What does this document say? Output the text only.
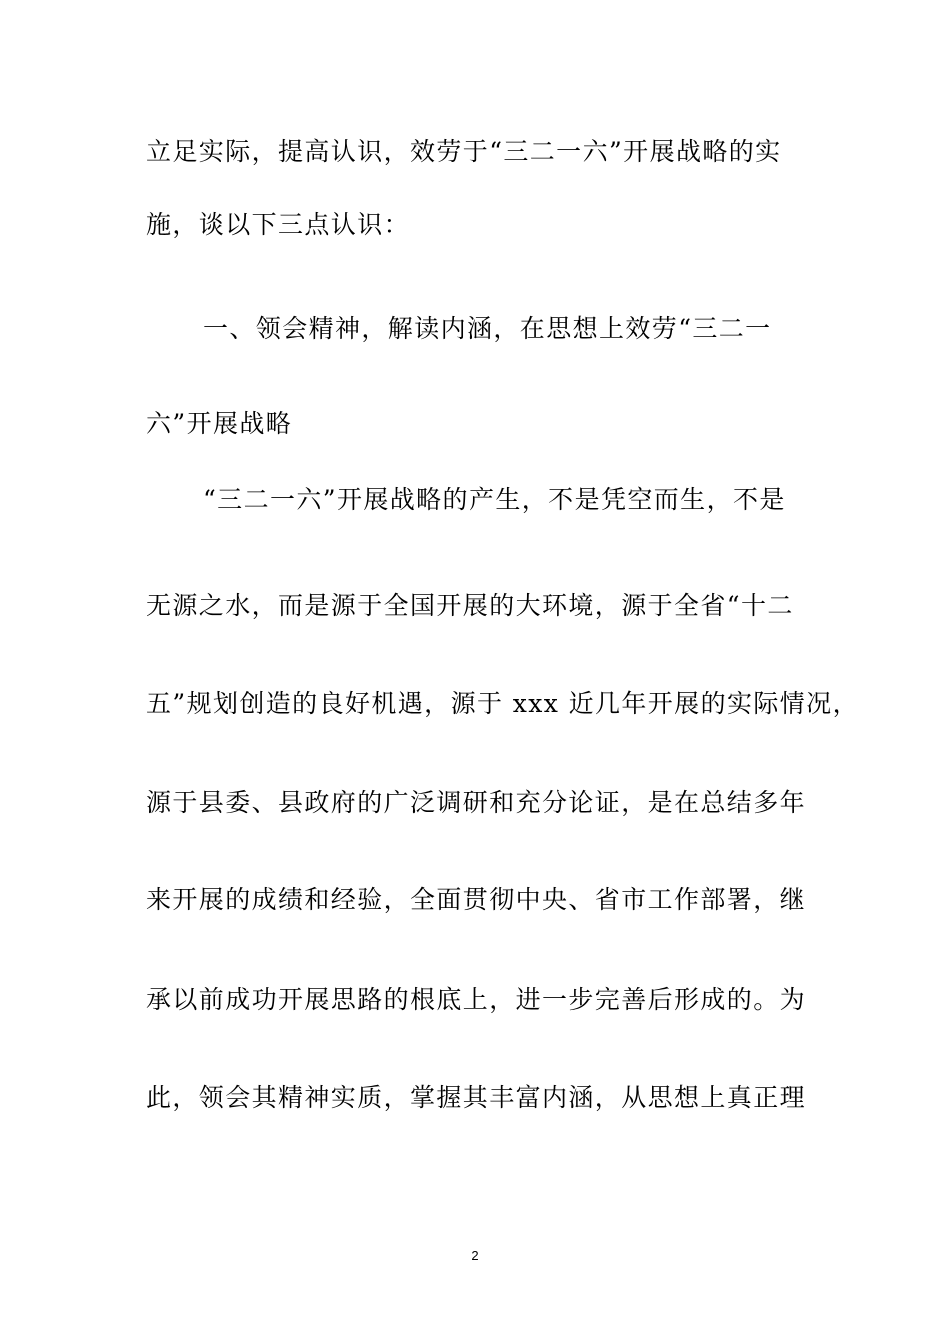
立足实际，提高认识，效劳于“三二一六”开展战略的实
施，谈以下三点认识：
一、领会精神，解读内涵，在思想上效劳“三二一
六”开展战略
“三二一六”开展战略的产生，不是凭空而生，不是
无源之水，而是源于全国开展的大环境，源于全省“十二
五”规划创造的良好机遇，源于 xxx 近几年开展的实际情况，
源于县委、县政府的广泛调研和充分论证，是在总结多年
来开展的成绩和经验，全面贯彻中央、省市工作部署，继
承以前成功开展思路的根底上，进一步完善后形成的。为
此，领会其精神实质，掌握其丰富内涵，从思想上真正理
2
